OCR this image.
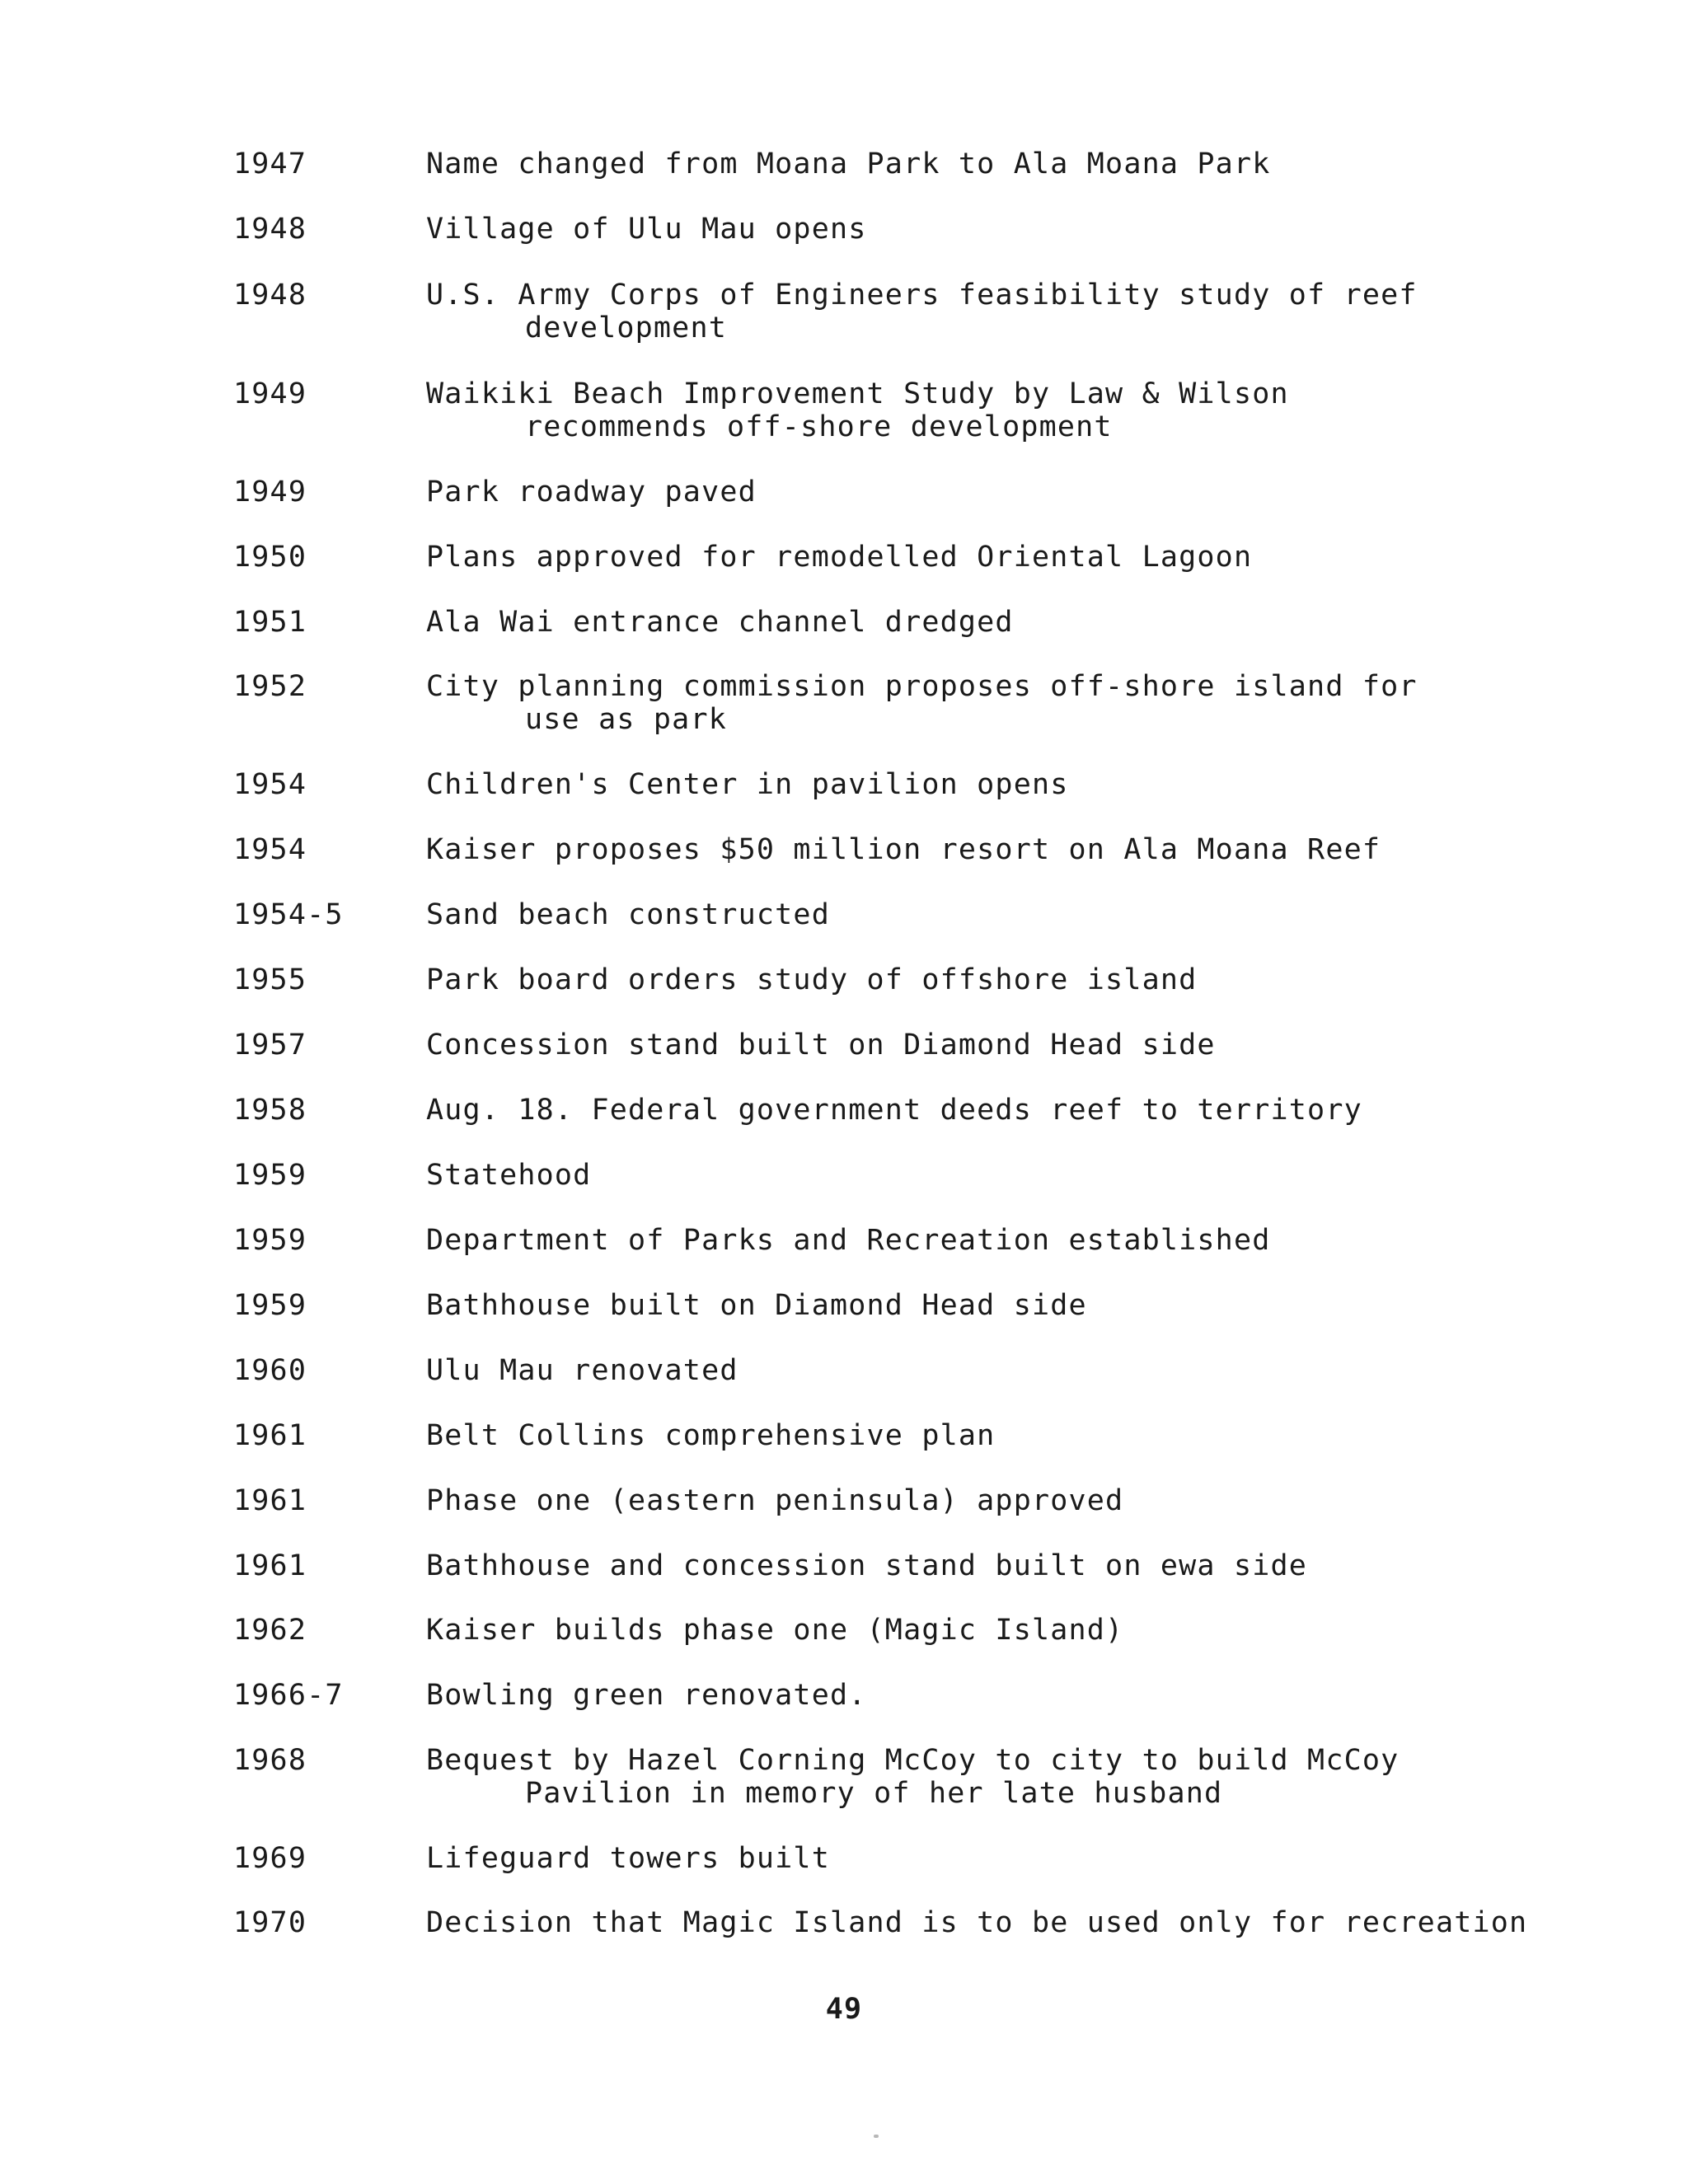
1947	Name changed from Moana Park to Ala Moana Park
1948	Village of Ulu Mau opens
1948	U.S. Army Corps of Engineers feasibility study of reef
development
1949	Waikiki Beach Improvement Study by Law & Wilson
recommends off-shore development
1949	Park roadway paved
1950	Plans approved for remodelled Oriental Lagoon
1951	Ala Wai entrance channel dredged
1952	City planning commission proposes off-shore island for
use as park
1954	Children's Center in pavilion opens
1954	Kaiser proposes $50 million resort on Ala Moana Reef
1954-5	Sand beach constructed
1955	Park board orders study of offshore island
1957	Concession stand built on Diamond Head side
1958	Aug. 18. Federal government deeds reef to territory
1959	Statehood
1959	Department of Parks and Recreation established
1959	Bathhouse built on Diamond Head side
1960	Ulu Mau renovated
1961	Belt Collins comprehensive plan
1961	Phase one (eastern peninsula) approved
1961	Bathhouse and concession stand built on ewa side
1962	Kaiser builds phase one (Magic Island)
1966-7	Bowling green renovated.
1968	Bequest by Hazel Corning McCoy to city to build McCoy
Pavilion in memory of her late husband
1969	Lifeguard towers built
1970	Decision that Magic Island is to be used only for recreation
49
